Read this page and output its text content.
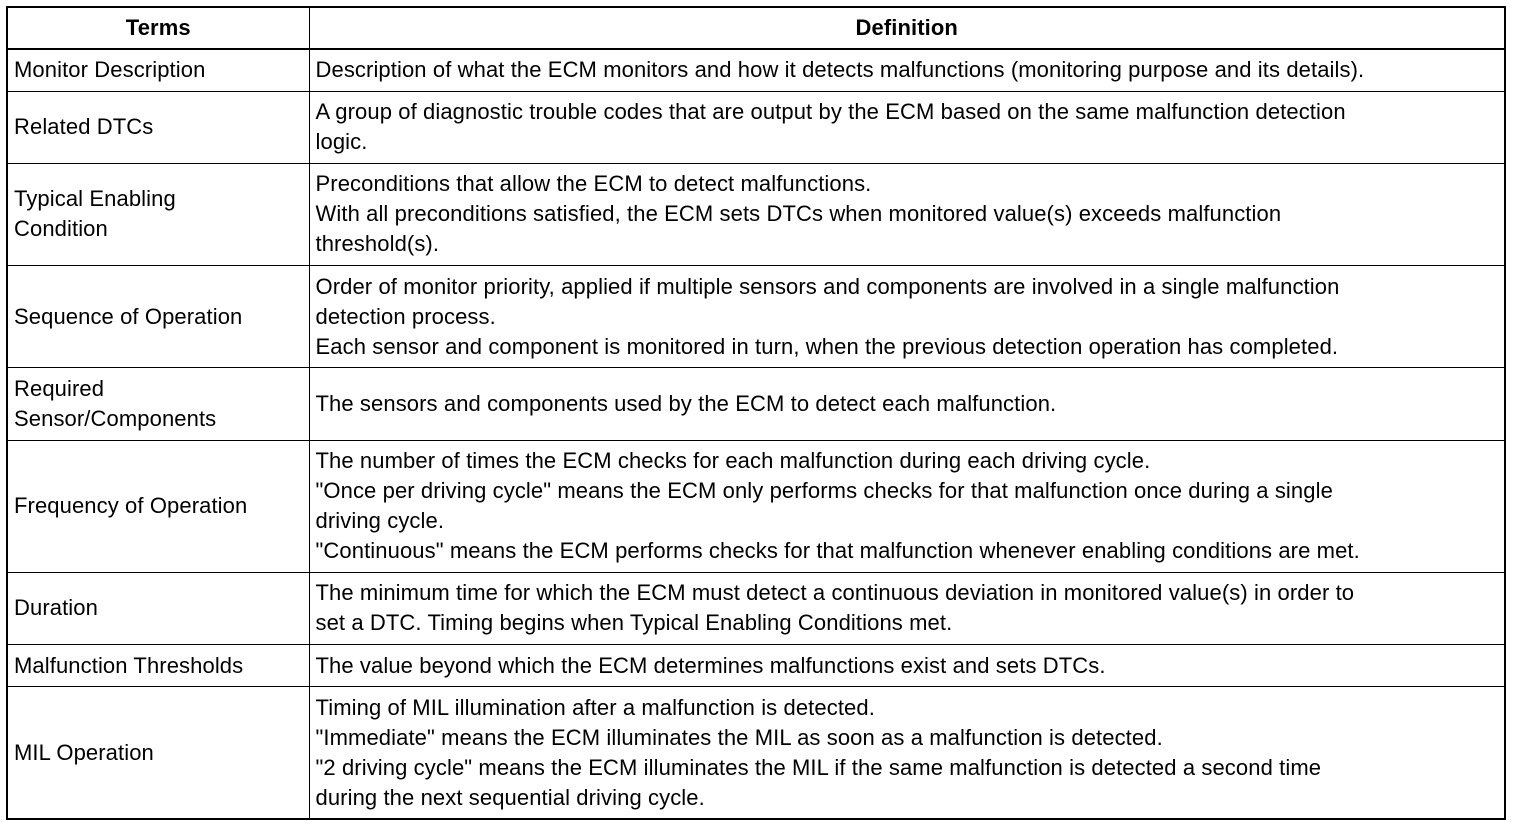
Terms	Definition

Monitor Description	Description of what the ECM monitors and how it detects malfunctions (monitoring purpose and its details).

Related DTCs	A group of diagnostic trouble codes that are output by the ECM based on the same malfunction detection
logic.

Typical Enabling
Condition	Preconditions that allow the ECM to detect malfunctions.
With all preconditions satisfied, the ECM sets DTCs when monitored value(s) exceeds malfunction
threshold(s).

Sequence of Operation	Order of monitor priority, applied if multiple sensors and components are involved in a single malfunction
detection process.
Each sensor and component is monitored in turn, when the previous detection operation has completed.

Required
Sensor/Components	The sensors and components used by the ECM to detect each malfunction.

Frequency of Operation	The number of times the ECM checks for each malfunction during each driving cycle.
"Once per driving cycle" means the ECM only performs checks for that malfunction once during a single
driving cycle.
"Continuous" means the ECM performs checks for that malfunction whenever enabling conditions are met.

Duration	The minimum time for which the ECM must detect a continuous deviation in monitored value(s) in order to
set a DTC. Timing begins when Typical Enabling Conditions met.

Malfunction Thresholds	The value beyond which the ECM determines malfunctions exist and sets DTCs.

MIL Operation	Timing of MIL illumination after a malfunction is detected.
"Immediate" means the ECM illuminates the MIL as soon as a malfunction is detected.
"2 driving cycle" means the ECM illuminates the MIL if the same malfunction is detected a second time
during the next sequential driving cycle.
